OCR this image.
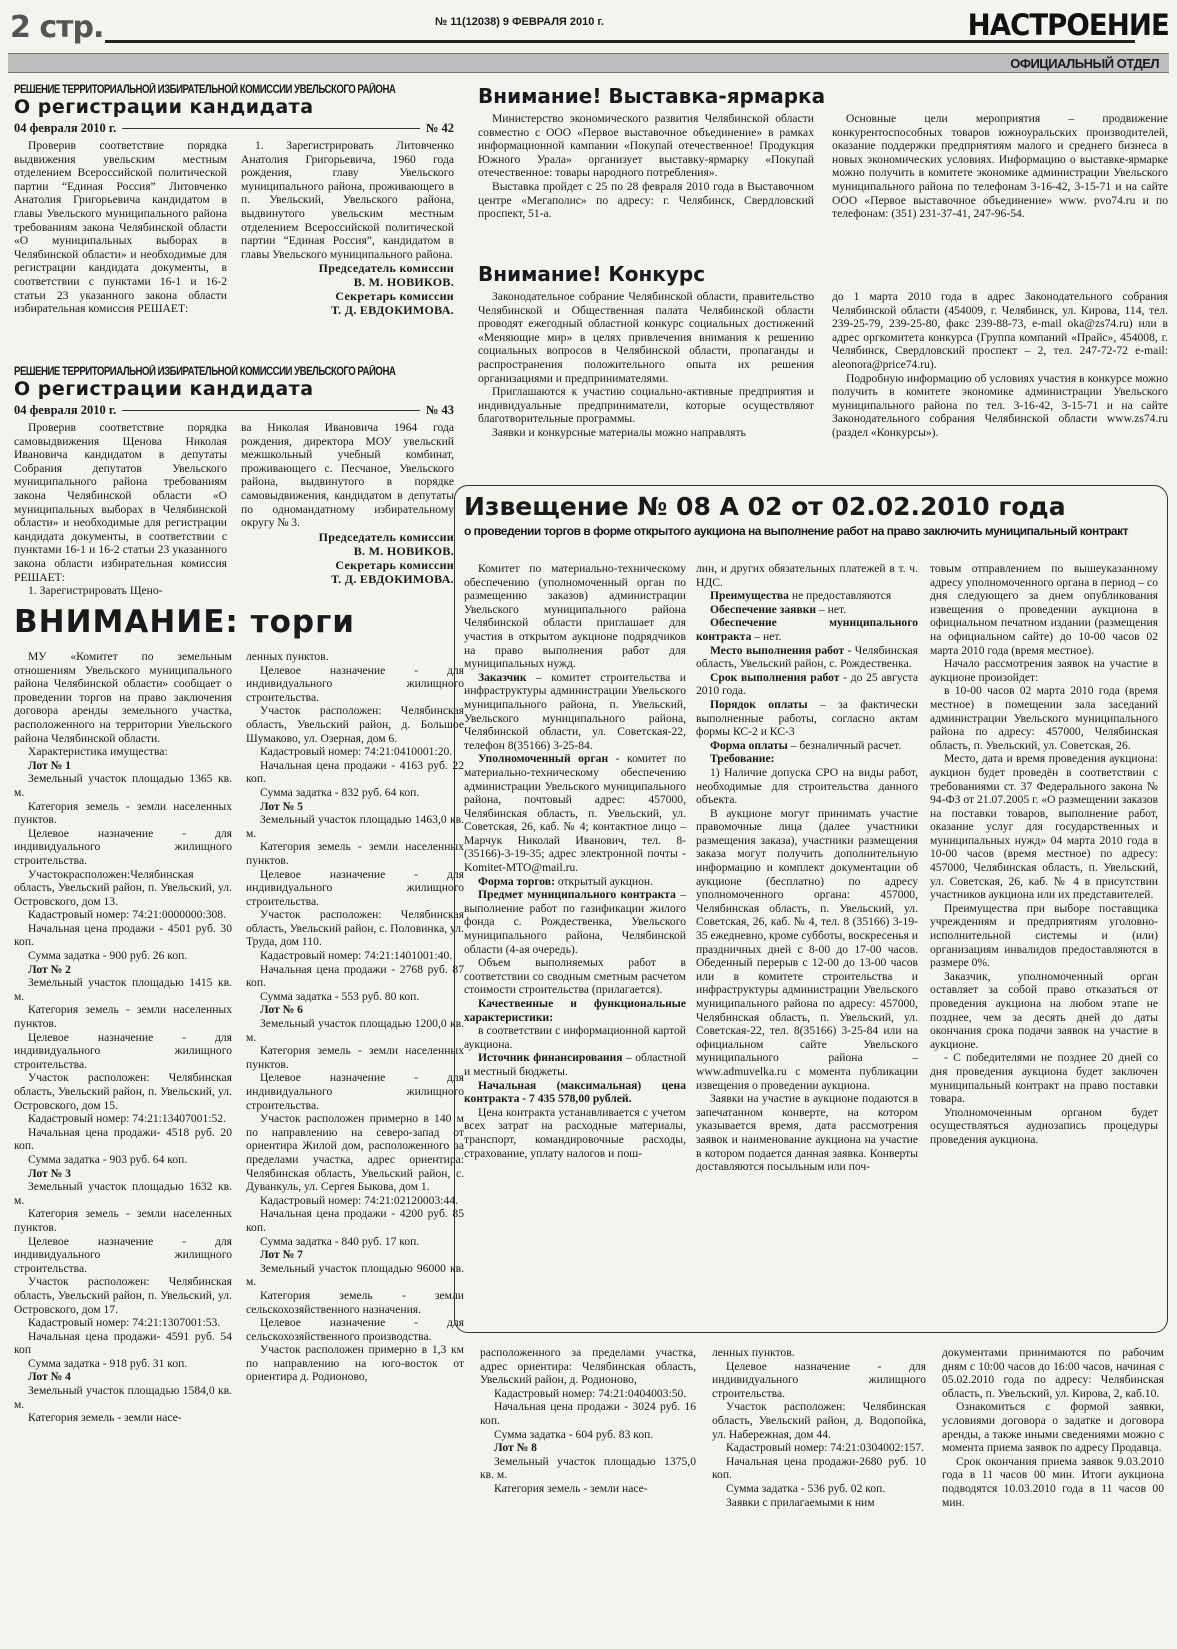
2 стр.	№ 11(12038) 9 ФЕВРАЛЯ 2010 г.	НАСТРОЕНИЕ
ОФИЦИАЛЬНЫЙ ОТДЕЛ
РЕШЕНИЕ ТЕРРИТОРИАЛЬНОЙ ИЗБИРАТЕЛЬНОЙ КОМИССИИ УВЕЛЬСКОГО РАЙОНА
О регистрации кандидата
04 февраля 2010 г.	№ 42

Проверив соответствие порядка выдвижения увельским местным отделением Всероссийской политической партии “Единая Россия” Литовченко Анатолия Григорьевича кандидатом в главы Увельского муниципального района требованиям закона Челябинской области «О муниципальных выборах в Челябинской области» и необходимые для регистрации кандидата документы, в соответствии с пунктами 16-1 и 16-2 статьи 23 указанного закона области избирательная комиссия РЕШАЕТ:

1. Зарегистрировать Литовченко Анатолия Григорьевича, 1960 года рождения, главу Увельского муниципального района, проживающего в п. Увельский, Увельского района, выдвинутого увельским местным отделением Всероссийской политической партии “Единая Россия”, кандидатом в главы Увельского муниципального района.

Председатель комиссии

В. М. НОВИКОВ.

Секретарь комиссии

Т. Д. ЕВДОКИМОВА.

РЕШЕНИЕ ТЕРРИТОРИАЛЬНОЙ ИЗБИРАТЕЛЬНОЙ КОМИССИИ УВЕЛЬСКОГО РАЙОНА
О регистрации кандидата
04 февраля 2010 г.	№ 43

Проверив соответствие порядка самовыдвижения Щенова Николая Ивановича кандидатом в депутаты Собрания депутатов Увельского муниципального района требованиям закона Челябинской области «О муниципальных выборах в Челябинской области» и необходимые для регистрации кандидата документы, в соответствии с пунктами 16-1 и 16-2 статьи 23 указанного закона области избирательная комиссия РЕШАЕТ:

1. Зарегистрировать Щено-

ва Николая Ивановича 1964 года рождения, директора МОУ увельский межшкольный учебный комбинат, проживающего с. Песчаное, Увельского района, выдвинутого в порядке самовыдвижения, кандидатом в депутаты по одномандатному избирательному округу № 3.

Председатель комиссии

В. М. НОВИКОВ.

Секретарь комиссии

Т. Д. ЕВДОКИМОВА.

Внимание! Выставка-ярмарка

Министерство экономического развития Челябинской области совместно с ООО «Первое выставочное объединение» в рамках информационной кампании «Покупай отечественное! Продукция Южного Урала» организует выставку-ярмарку «Покупай отечественное: товары народного потребления».

Выставка пройдет с 25 по 28 февраля 2010 года в Выставочном центре «Мегаполис» по адресу: г. Челябинск, Свердловский проспект, 51-а.

Основные цели мероприятия – продвижение конкурентоспособных товаров южноуральских производителей, оказание поддержки предприятиям малого и среднего бизнеса в новых экономических условиях. Информацию о выставке-ярмарке можно получить в комитете экономике администрации Увельского муниципального района по телефонам 3-16-42, 3-15-71 и на сайте ООО «Первое выставочное объединение» www. pvo74.ru и по телефонам: (351) 231-37-41, 247-96-54.

Внимание! Конкурс

Законодательное собрание Челябинской области, правительство Челябинской и Общественная палата Челябинской области проводят ежегодный областной конкурс социальных достижений «Меняющие мир» в целях привлечения внимания к решению социальных вопросов в Челябинской области, пропаганды и распространения положительного опыта их решения организациями и предпринимателями.

Приглашаются к участию социально-активные предприятия и индивидуальные предприниматели, которые осуществляют благотворительные программы.

Заявки и конкурсные материалы можно направлять

до 1 марта 2010 года в адрес Законодательного собрания Челябинской области (454009, г. Челябинск, ул. Кирова, 114, тел. 239-25-79, 239-25-80, факс 239-88-73, e-mail oka@zs74.ru) или в адрес оргкомитета конкурса (Группа компаний «Прайс», 454008, г. Челябинск, Свердловский проспект – 2, тел. 247-72-72 e-mail: aleonora@price74.ru).

Подробную информацию об условиях участия в конкурсе можно получить в комитете экономике администрации Увельского муниципального района по тел. 3-16-42, 3-15-71 и на сайте Законодательного собрания Челябинской области www.zs74.ru (раздел «Конкурсы»).

Извещение № 08 А 02 от 02.02.2010 года
о проведении торгов в форме открытого аукциона на выполнение работ на право заключить муниципальный контракт

Комитет по материально-техническому обеспечению (уполномоченный орган по размещению заказов) администрации Увельского муниципального района Челябинской области приглашает для участия в открытом аукционе подрядчиков на право выполнения работ для муниципальных нужд.

Заказчик – комитет строительства и инфраструктуры администрации Увельского муниципального района, п. Увельский, Увельского муниципального района, Челябинской области, ул. Советская-22, телефон 8(35166) 3-25-84.

Уполномоченный орган - комитет по материально-техническому обеспечению администрации Увельского муниципального района, почтовый адрес: 457000, Челябинская область, п. Увельский, ул. Советская, 26, каб. № 4; контактное лицо – Марчук Николай Иванович, тел. 8-(35166)-3-19-35; адрес электронной почты - Komitet-MTO@mail.ru.

Форма торгов: открытый аукцион.

Предмет муниципального контракта – выполнение работ по газификации жилого фонда с. Рождественка, Увельского муниципального района, Челябинской области (4-ая очередь).

Объем выполняемых работ в соответствии со сводным сметным расчетом стоимости строительства (прилагается).

Качественные и функциональные характеристики:

в соответствии с информационной картой аукциона.

Источник финансирования – областной и местный бюджеты.

Начальная (максимальная) цена контракта - 7 435 578,00 рублей.

Цена контракта устанавливается с учетом всех затрат на расходные материалы, транспорт, командировочные расходы, страхование, уплату налогов и пош-

лин, и других обязательных платежей в т. ч. НДС.

Преимущества не предоставляются

Обеспечение заявки – нет.

Обеспечение муниципального контракта – нет.

Место выполнения работ - Челябинская область, Увельский район, с. Рождественка.

Срок выполнения работ - до 25 августа 2010 года.

Порядок оплаты – за фактически выполненные работы, согласно актам формы КС-2 и КС-3

Форма оплаты – безналичный расчет.

Требование:

1) Наличие допуска СРО на виды работ, необходимые для строительства данного объекта.

В аукционе могут принимать участие правомочные лица (далее участники размещения заказа), участники размещения заказа могут получить дополнительную информацию и комплект документации об аукционе (бесплатно) по адресу уполномоченного органа: 457000, Челябинская область, п. Увельский, ул. Советская, 26, каб. № 4, тел. 8 (35166) 3-19-35 ежедневно, кроме субботы, воскресенья и праздничных дней с 8-00 до 17-00 часов. Обеденный перерыв с 12-00 до 13-00 часов или в комитете строительства и инфраструктуры администрации Увельского муниципального района по адресу: 457000, Челябинская область, п. Увельский, ул. Советская-22, тел. 8(35166) 3-25-84 или на официальном сайте Увельского муниципального района – www.admuvelka.ru с момента публикации извещения о проведении аукциона.

Заявки на участие в аукционе подаются в запечатанном конверте, на котором указывается время, дата рассмотрения заявок и наименование аукциона на участие в котором подается данная заявка. Конверты доставляются посыльным или поч-

товым отправлением по вышеуказанному адресу уполномоченного органа в период – со дня следующего за днем опубликования извещения о проведении аукциона в официальном печатном издании (размещения на официальном сайте) до 10-00 часов 02 марта 2010 года (время местное).

Начало рассмотрения заявок на участие в аукционе произойдет:

в 10-00 часов 02 марта 2010 года (время местное) в помещении зала заседаний администрации Увельского муниципального района по адресу: 457000, Челябинская область, п. Увельский, ул. Советская, 26.

Место, дата и время проведения аукциона: аукцион будет проведён в соответствии с требованиями ст. 37 Федерального закона № 94-ФЗ от 21.07.2005 г. «О размещении заказов на поставки товаров, выполнение работ, оказание услуг для государственных и муниципальных нужд» 04 марта 2010 года в 10-00 часов (время местное) по адресу: 457000, Челябинская область, п. Увельский, ул. Советская, 26, каб. № 4 в присутствии участников аукциона или их представителей.

Преимущества при выборе поставщика учреждениям и предприятиям уголовно-исполнительной системы и (или) организациям инвалидов предоставляются в размере 0%.

Заказчик, уполномоченный орган оставляет за собой право отказаться от проведения аукциона на любом этапе не позднее, чем за десять дней до даты окончания срока подачи заявок на участие в аукционе.

- С победителями не позднее 20 дней со дня проведения аукциона будет заключен муниципальный контракт на право поставки товара.

Уполномоченным органом будет осуществляться аудиозапись процедуры проведения аукциона.

ВНИМАНИЕ: торги

МУ «Комитет по земельным отношениям Увельского муниципального района Челябинской области» сообщает о проведении торгов на право заключения договора аренды земельного участка, расположенного на территории Увельского района Челябинской области.

Характеристика имущества:

Лот № 1

Земельный участок площадью 1365 кв. м.

Категория земель - земли населенных пунктов.

Целевое назначение - для индивидуального жилищного строительства.

Участокрасположен:Челябинская область, Увельский район, п. Увельский, ул. Островского, дом 13.

Кадастровый номер: 74:21:0000000:308.

Начальная цена продажи - 4501 руб. 30 коп.

Сумма задатка - 900 руб. 26 коп.

Лот № 2

Земельный участок площадью 1415 кв. м.

Категория земель - земли населенных пунктов.

Целевое назначение - для индивидуального жилищного строительства.

Участок расположен: Челябинская область, Увельский район, п. Увельский, ул. Островского, дом 15.

Кадастровый номер: 74:21:13407001:52.

Начальная цена продажи- 4518 руб. 20 коп.

Сумма задатка - 903 руб. 64 коп.

Лот № 3

Земельный участок площадью 1632 кв. м.

Категория земель - земли населенных пунктов.

Целевое назначение - для индивидуального жилищного строительства.

Участок расположен: Челябинская область, Увельский район, п. Увельский, ул. Островского, дом 17.

Кадастровый номер: 74:21:1307001:53.

Начальная цена продажи- 4591 руб. 54 коп

Сумма задатка - 918 руб. 31 коп.

Лот № 4

Земельный участок площадью 1584,0 кв. м.

Категория земель - земли насе-

ленных пунктов.

Целевое назначение - для индивидуального жилищного строительства.

Участок расположен: Челябинская область, Увельский район, д. Большое Шумаково, ул. Озерная, дом 6.

Кадастровый номер: 74:21:0410001:20.

Начальная цена продажи - 4163 руб. 22 коп.

Сумма задатка - 832 руб. 64 коп.

Лот № 5

Земельный участок площадью 1463,0 кв. м.

Категория земель - земли населенных пунктов.

Целевое назначение - для индивидуального жилищного строительства.

Участок расположен: Челябинская область, Увельский район, с. Половинка, ул. Труда, дом 110.

Кадастровый номер: 74:21:1401001:40.

Начальная цена продажи - 2768 руб. 87 коп.

Сумма задатка - 553 руб. 80 коп.

Лот № 6

Земельный участок площадью 1200,0 кв. м.

Категория земель - земли населенных пунктов.

Целевое назначение - для индивидуального жилищного строительства.

Участок расположен примерно в 140 м по направлению на северо-запад от ориентира Жилой дом, расположенного за пределами участка, адрес ориентира: Челябинская область, Увельский район, с. Дуванкуль, ул. Сергея Быкова, дом 1.

Кадастровый номер: 74:21:02120003:44.

Начальная цена продажи - 4200 руб. 85 коп.

Сумма задатка - 840 руб. 17 коп.

Лот № 7

Земельный участок площадью 96000 кв. м.

Категория земель - земли сельскохозяйственного назначения.

Целевое назначение - для сельскохозяйственного производства.

Участок расположен примерно в 1,3 км по направлению на юго-восток от ориентира д. Родионово,

расположенного за пределами участка, адрес ориентира: Челябинская область, Увельский район, д. Родионово,

Кадастровый номер: 74:21:0404003:50.

Начальная цена продажи - 3024 руб. 16 коп.

Сумма задатка - 604 руб. 83 коп.

Лот № 8

Земельный участок площадью 1375,0 кв. м.

Категория земель - земли насе-

ленных пунктов.

Целевое назначение - для индивидуального жилищного строительства.

Участок расположен: Челябинская область, Увельский район, д. Водопойка, ул. Набережная, дом 44.

Кадастровый номер: 74:21:0304002:157.

Начальная цена продажи-2680 руб. 10 коп.

Сумма задатка - 536 руб. 02 коп.

Заявки с прилагаемыми к ним

документами принимаются по рабочим дням с 10:00 часов до 16:00 часов, начиная с 05.02.2010 года по адресу: Челябинская область, п. Увельский, ул. Кирова, 2, каб.10.

Ознакомиться с формой заявки, условиями договора о задатке и договора аренды, а также иными сведениями можно с момента приема заявок по адресу Продавца.

Срок окончания приема заявок 9.03.2010 года в 11 часов 00 мин. Итоги аукциона подводятся 10.03.2010 года в 11 часов 00 мин.
